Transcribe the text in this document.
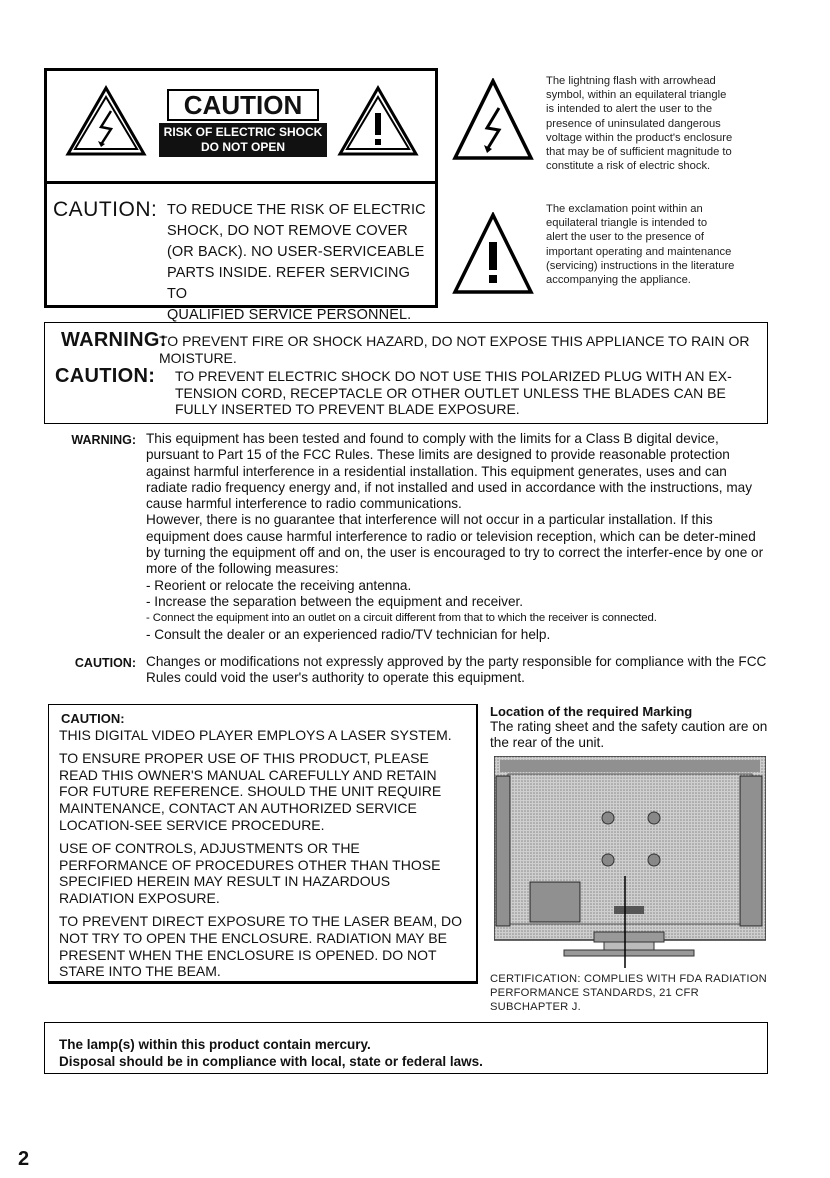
CAUTION
RISK OF ELECTRIC SHOCK
DO NOT OPEN
CAUTION: TO REDUCE THE RISK OF ELECTRIC
SHOCK, DO NOT REMOVE COVER
(OR BACK). NO USER-SERVICEABLE
PARTS INSIDE. REFER SERVICING TO
QUALIFIED SERVICE PERSONNEL.
The lightning flash with arrowhead
symbol, within an equilateral triangle
is intended to alert the user to the
presence of uninsulated dangerous
voltage within the product's enclosure
that may be of sufficient magnitude to
constitute a risk of electric shock.
The exclamation point within an
equilateral triangle is intended to
alert the user to the presence of
important operating and maintenance
(servicing) instructions in the literature
accompanying the appliance.
WARNING:
TO PREVENT FIRE OR SHOCK HAZARD, DO NOT EXPOSE THIS APPLIANCE TO RAIN OR MOISTURE.
CAUTION: TO PREVENT ELECTRIC SHOCK DO NOT USE THIS POLARIZED PLUG WITH AN EX-TENSION CORD, RECEPTACLE OR OTHER OUTLET UNLESS THE BLADES CAN BE FULLY INSERTED TO PREVENT BLADE EXPOSURE.
WARNING: This equipment has been tested and found to comply with the limits for a Class B digital device, pursuant to Part 15 of the FCC Rules. These limits are designed to provide reasonable protection against harmful interference in a residential installation. This equipment generates, uses and can radiate radio frequency energy and, if not installed and used in accordance with the instructions, may cause harmful interference to radio communications.

However, there is no guarantee that interference will not occur in a particular installation. If this equipment does cause harmful interference to radio or television reception, which can be deter-mined by turning the equipment off and on, the user is encouraged to try to correct the interfer-ence by one or more of the following measures:

- Reorient or relocate the receiving antenna.
- Increase the separation between the equipment and receiver.
- Connect the equipment into an outlet on a circuit different from that to which the receiver is connected.
- Consult the dealer or an experienced radio/TV technician for help.
CAUTION: Changes or modifications not expressly approved by the party responsible for compliance with the FCC Rules could void the user's authority to operate this equipment.
CAUTION:

THIS DIGITAL VIDEO PLAYER EMPLOYS A LASER SYSTEM.

TO ENSURE PROPER USE OF THIS PRODUCT, PLEASE READ THIS OWNER'S MANUAL CAREFULLY AND RETAIN FOR FUTURE REFERENCE. SHOULD THE UNIT REQUIRE MAINTENANCE, CONTACT AN AUTHORIZED SERVICE LOCATION-SEE SERVICE PROCEDURE.

USE OF CONTROLS, ADJUSTMENTS OR THE PERFORMANCE OF PROCEDURES OTHER THAN THOSE SPECIFIED HEREIN MAY RESULT IN HAZARDOUS RADIATION EXPOSURE.

TO PREVENT DIRECT EXPOSURE TO THE LASER BEAM, DO NOT TRY TO OPEN THE ENCLOSURE. RADIATION MAY BE PRESENT WHEN THE ENCLOSURE IS OPENED. DO NOT STARE INTO THE BEAM.

Location of the required Marking
The rating sheet and the safety caution are on the rear of the unit.
CERTIFICATION: COMPLIES WITH FDA RADIATION PERFORMANCE STANDARDS, 21 CFR SUBCHAPTER J.
The lamp(s) within this product contain mercury.
Disposal should be in compliance with local, state or federal laws.
2
